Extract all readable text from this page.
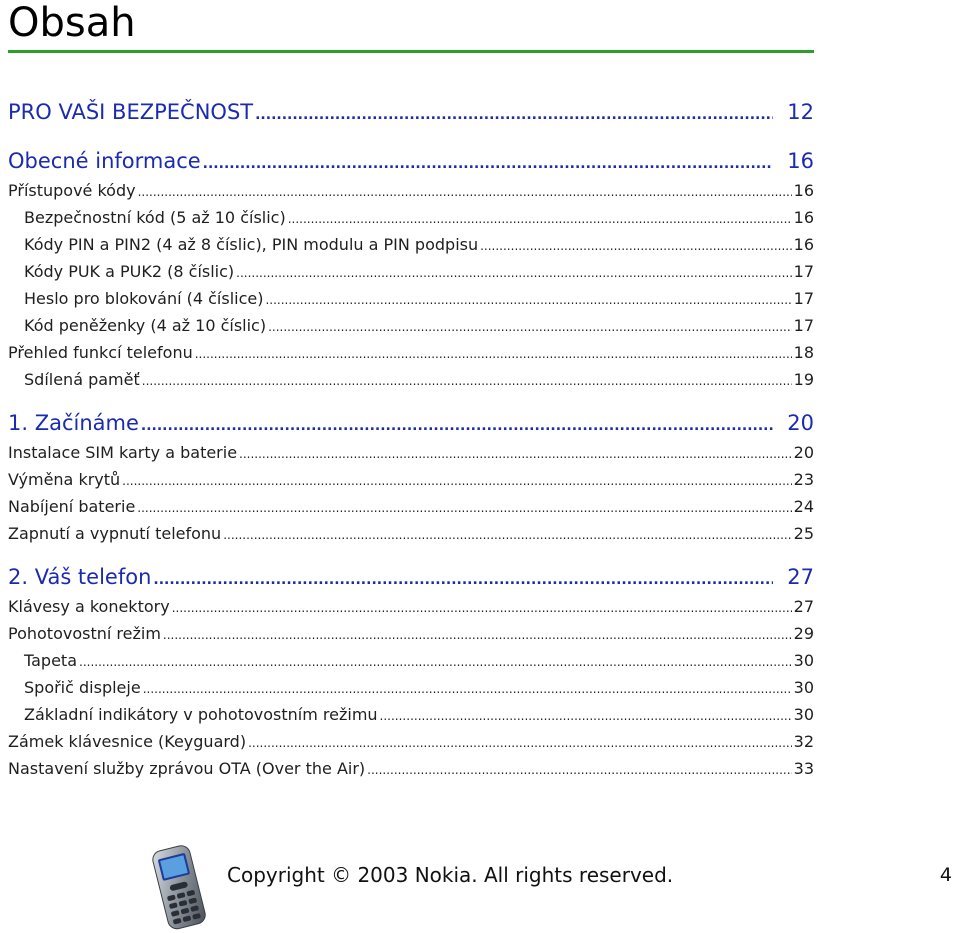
Obsah
PRO VAŠI BEZPEČNOST .....	12
Obecné informace .....	16
Přístupové kódy .....	16
Bezpečnostní kód (5 až 10 číslic) .....	16
Kódy PIN a PIN2 (4 až 8 číslic), PIN modulu a PIN podpisu .....	16
Kódy PUK a PUK2 (8 číslic) .....	17
Heslo pro blokování (4 číslice) .....	17
Kód peněženky (4 až 10 číslic) .....	17
Přehled funkcí telefonu .....	18
Sdílená paměť .....	19
1. Začínáme .....	20
Instalace SIM karty a baterie .....	20
Výměna krytů .....	23
Nabíjení baterie .....	24
Zapnutí a vypnutí telefonu .....	25
2. Váš telefon .....	27
Klávesy a konektory .....	27
Pohotovostní režim .....	29
Tapeta .....	30
Spořič displeje .....	30
Základní indikátory v pohotovostním režimu .....	30
Zámek klávesnice (Keyguard) .....	32
Nastavení služby zprávou OTA (Over the Air) .....	33
Copyright © 2003 Nokia. All rights reserved.	4
